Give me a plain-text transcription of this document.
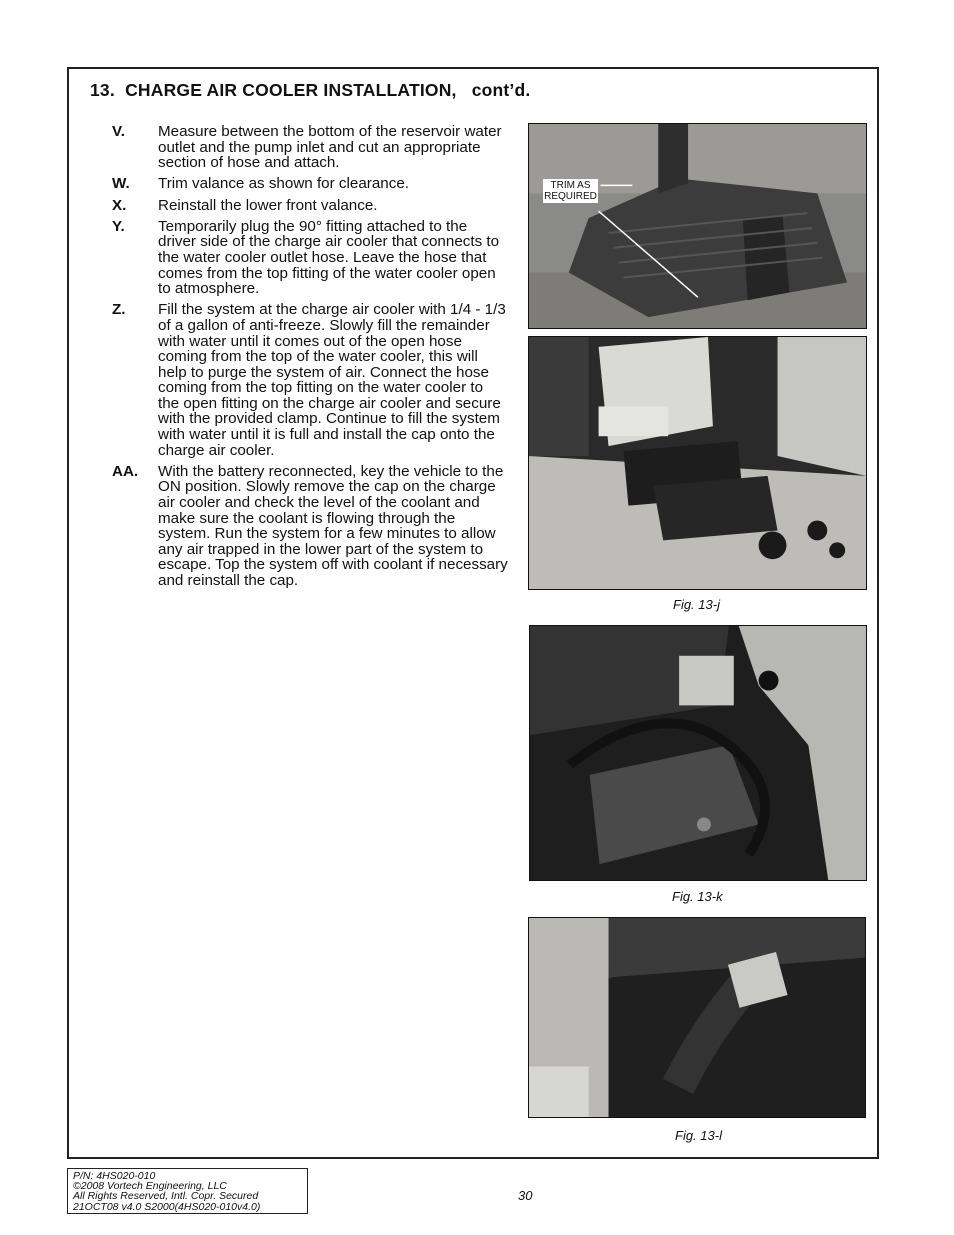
13. CHARGE AIR COOLER INSTALLATION, cont’d.
V.	Measure between the bottom of the reservoir water outlet and the pump inlet and cut an appropriate section of hose and attach.
W.	Trim valance as shown for clearance.
X.	Reinstall the lower front valance.
Y.	Temporarily plug the 90° fitting attached to the driver side of the charge air cooler that connects to the water cooler outlet hose. Leave the hose that comes from the top fitting of the water cooler open to atmosphere.
Z.	Fill the system at the charge air cooler with 1/4 - 1/3 of a gallon of anti-freeze. Slowly fill the remainder with water until it comes out of the open hose coming from the top of the water cooler, this will help to purge the system of air. Connect the hose coming from the top fitting on the water cooler to the open fitting on the charge air cooler and secure with the provided clamp. Continue to fill the system with water until it is full and install the cap onto the charge air cooler.
AA.	With the battery reconnected, key the vehicle to the ON position. Slowly remove the cap on the charge air cooler and check the level of the coolant and make sure the coolant is flowing through the system. Run the system for a few minutes to allow any air trapped in the lower part of the system to escape. Top the system off with coolant if necessary and reinstall the cap.
TRIM AS REQUIRED
Fig. 13-j
Fig. 13-k
Fig. 13-l
P/N: 4HS020-010
©2008 Vortech Engineering, LLC
All Rights Reserved, Intl. Copr. Secured
21OCT08 v4.0 S2000(4HS020-010v4.0)
30
